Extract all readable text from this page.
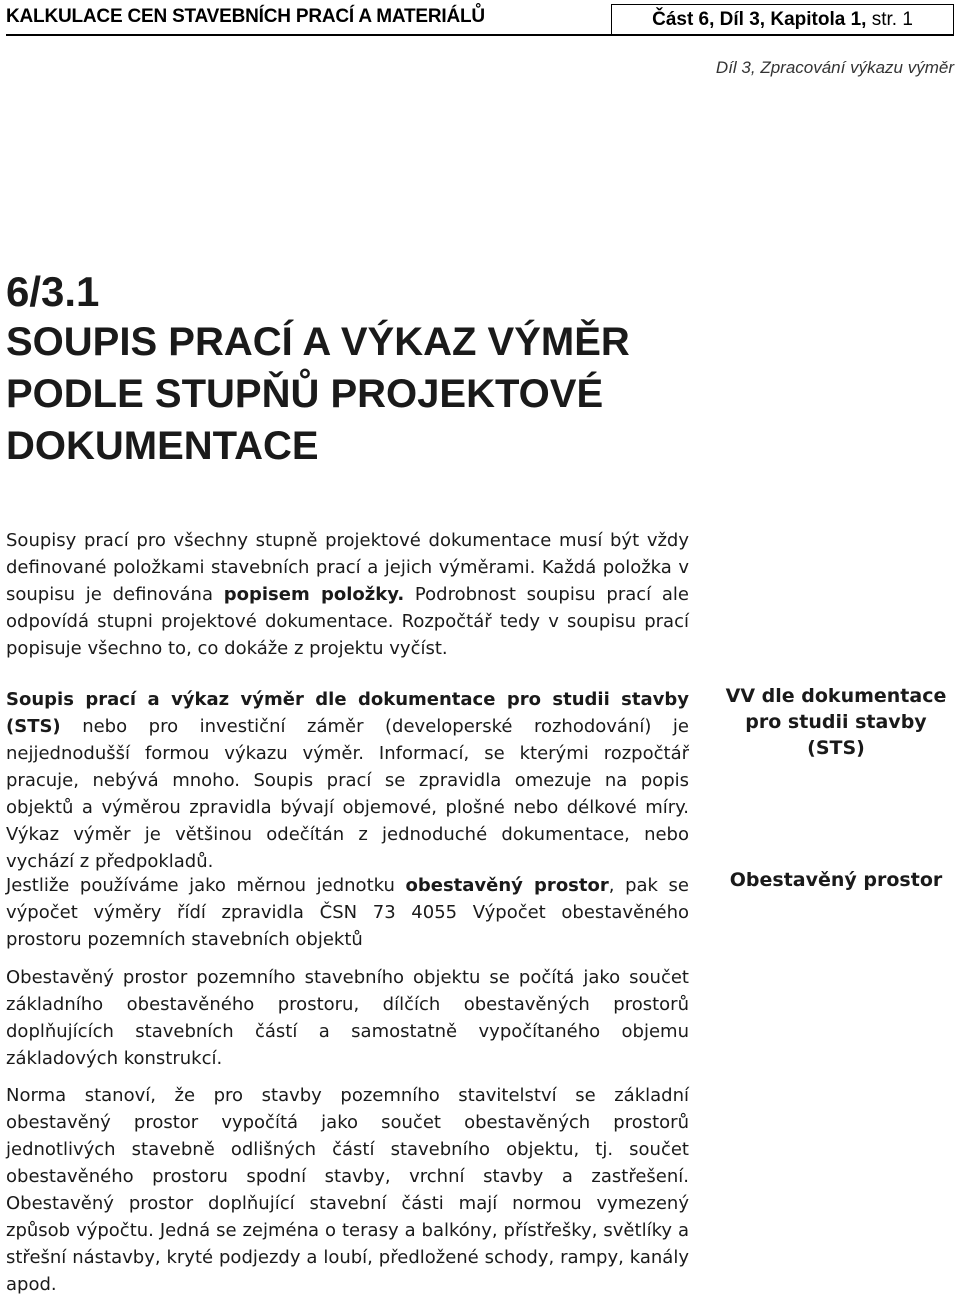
KALKULACE CEN STAVEBNÍCH PRACÍ A MATERIÁLŮ	Část 6, Díl 3, Kapitola 1, str. 1
Díl 3, Zpracování výkazu výměr
6/3.1
SOUPIS PRACÍ A VÝKAZ VÝMĚR
PODLE STUPŇŮ PROJEKTOVÉ
DOKUMENTACE
Soupisy prací pro všechny stupně projektové dokumentace musí být vždy definované položkami stavebních prací a jejich výměrami. Každá položka v soupisu je definována popisem položky. Podrobnost soupisu prací ale odpovídá stupni projektové dokumentace. Rozpočtář tedy v soupisu prací popisuje všechno to, co dokáže z projektu vyčíst.
Soupis prací a výkaz výměr dle dokumentace pro studii stavby (STS) nebo pro investiční záměr (developerské rozhodování) je nejjednodušší formou výkazu výměr. Informací, se kterými rozpočtář pracuje, nebývá mnoho. Soupis prací se zpravidla omezuje na popis objektů a výměrou zpravidla bývají objemové, plošné nebo délkové míry. Výkaz výměr je většinou odečítán z jednoduché dokumentace, nebo vychází z předpokladů.
VV dle dokumentace
pro studii stavby (STS)
Jestliže používáme jako měrnou jednotku obestavěný prostor, pak se výpočet výměry řídí zpravidla ČSN 73 4055 Výpočet obestavěného prostoru pozemních stavebních objektů
Obestavěný prostor
Obestavěný prostor pozemního stavebního objektu se počítá jako součet základního obestavěného prostoru, dílčích obestavěných prostorů doplňujících stavebních částí a samostatně vypočítaného objemu základových konstrukcí.
Norma stanoví, že pro stavby pozemního stavitelství se základní obestavěný prostor vypočítá jako součet obestavěných prostorů jednotlivých stavebně odlišných částí stavebního objektu, tj. součet obestavěného prostoru spodní stavby, vrchní stavby a zastřešení. Obestavěný prostor doplňující stavební části mají normou vymezený způsob výpočtu. Jedná se zejména o terasy a balkóny, přístřešky, světlíky a střešní nástavby, kryté podjezdy a loubí, předložené schody, rampy, kanály apod.
